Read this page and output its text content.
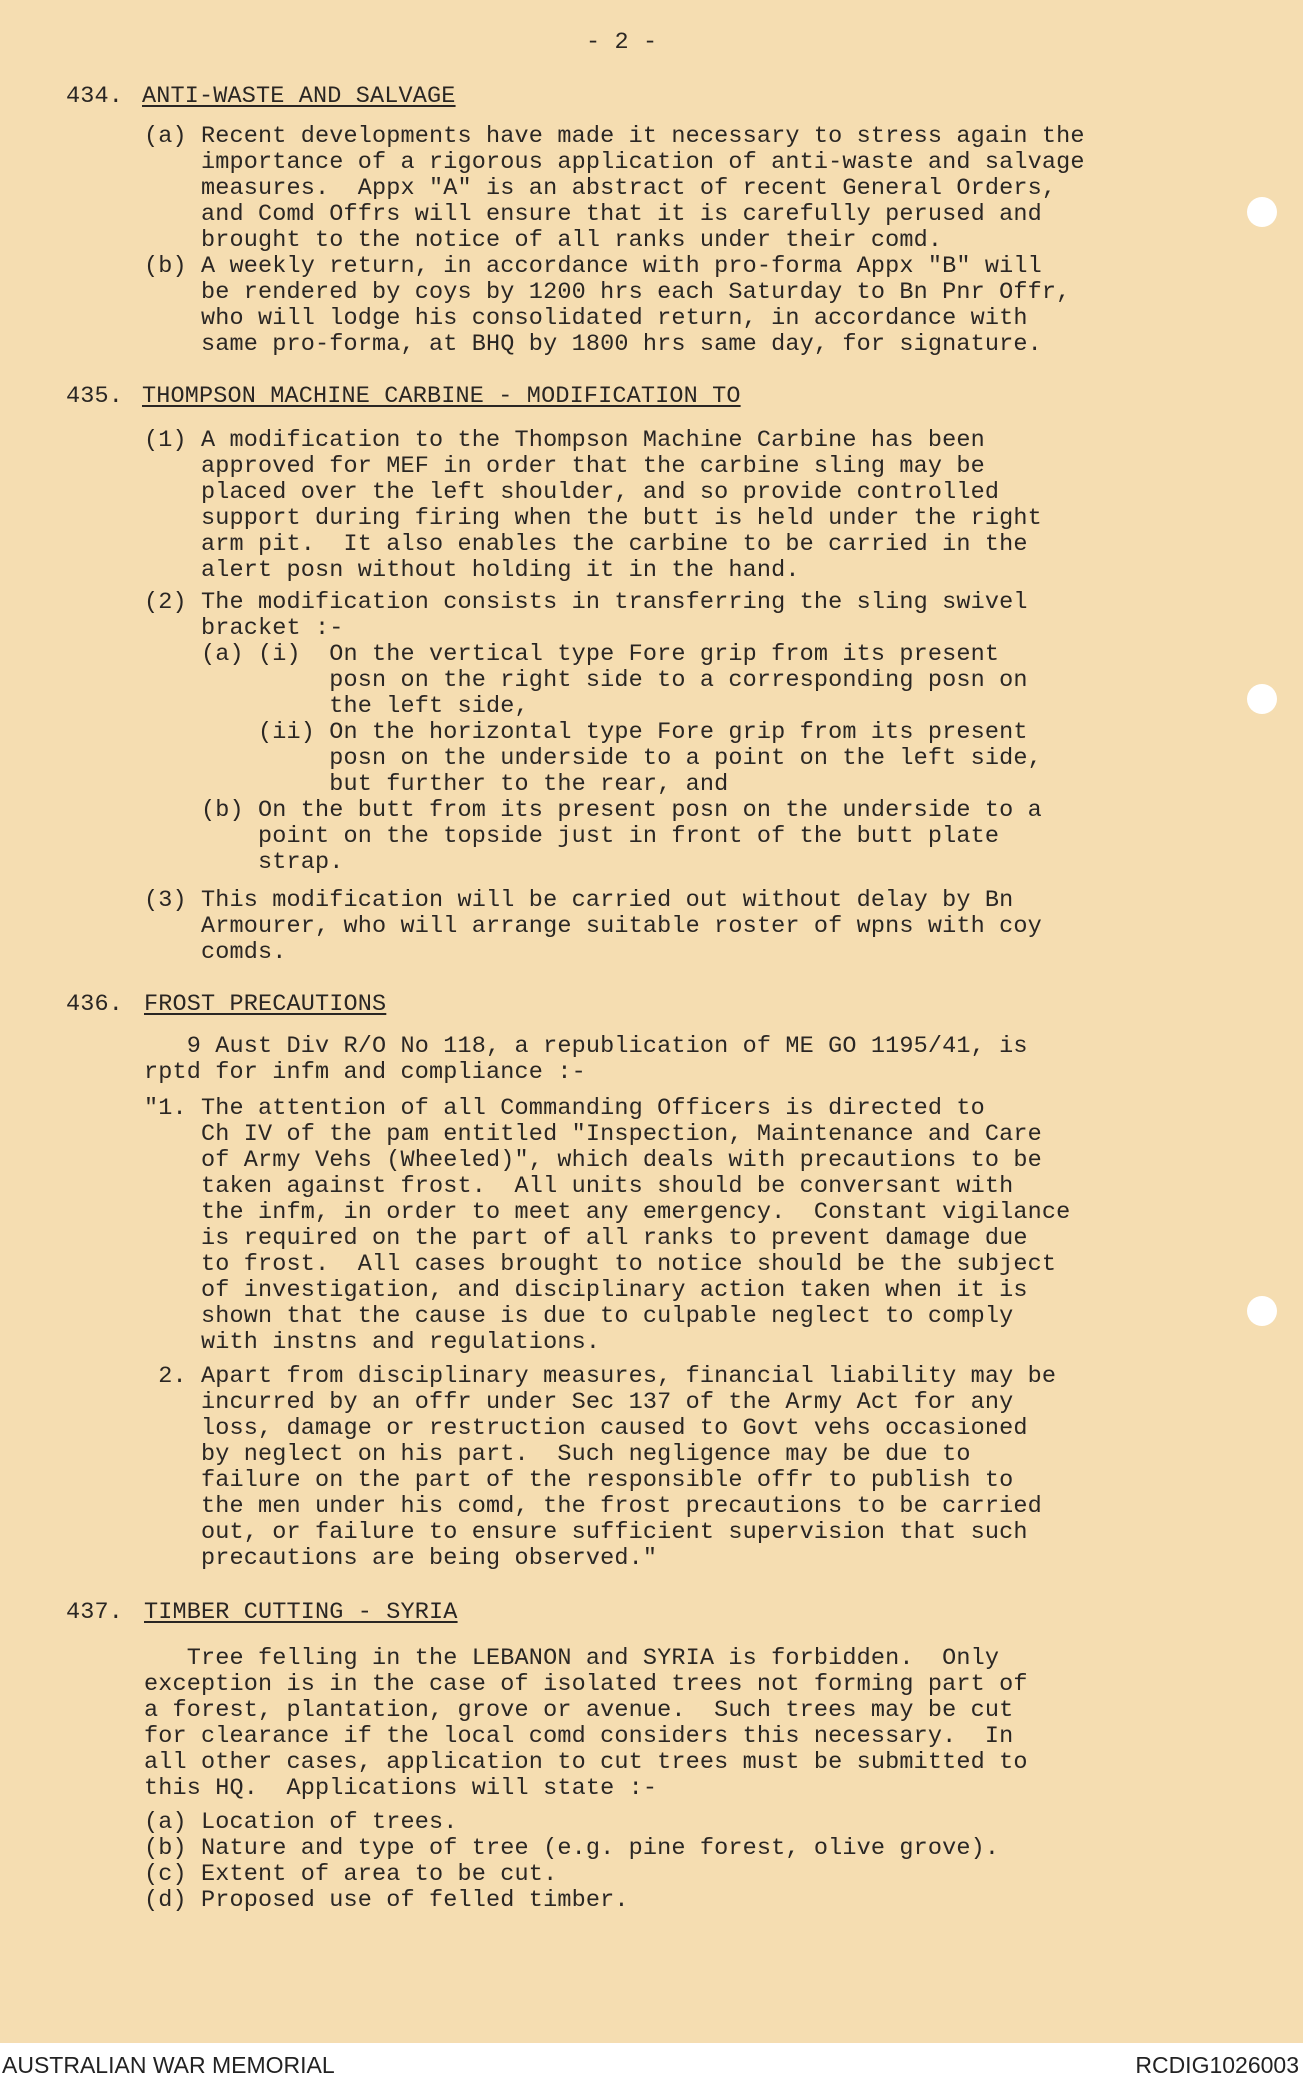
- 2 -
434. ANTI-WASTE AND SALVAGE
(a) Recent developments have made it necessary to stress again the
importance of a rigorous application of anti-waste and salvage
measures.  Appx "A" is an abstract of recent General Orders,
and Comd Offrs will ensure that it is carefully perused and
brought to the notice of all ranks under their comd.
(b) A weekly return, in accordance with pro-forma Appx "B" will
be rendered by coys by 1200 hrs each Saturday to Bn Pnr Offr,
who will lodge his consolidated return, in accordance with
same pro-forma, at BHQ by 1800 hrs same day, for signature.
435. THOMPSON MACHINE CARBINE - MODIFICATION TO
(1) A modification to the Thompson Machine Carbine has been
approved for MEF in order that the carbine sling may be
placed over the left shoulder, and so provide controlled
support during firing when the butt is held under the right
arm pit.  It also enables the carbine to be carried in the
alert posn without holding it in the hand.
(2) The modification consists in transferring the sling swivel
bracket :-
(a) (i)  On the vertical type Fore grip from its present
posn on the right side to a corresponding posn on
the left side,
(ii) On the horizontal type Fore grip from its present
posn on the underside to a point on the left side,
but further to the rear, and
(b) On the butt from its present posn on the underside to a
point on the topside just in front of the butt plate
strap.
(3) This modification will be carried out without delay by Bn
Armourer, who will arrange suitable roster of wpns with coy
comds.
436. FROST PRECAUTIONS
9 Aust Div R/O No 118, a republication of ME GO 1195/41, is
rptd for infm and compliance :-
"1. The attention of all Commanding Officers is directed to
Ch IV of the pam entitled "Inspection, Maintenance and Care
of Army Vehs (Wheeled)", which deals with precautions to be
taken against frost.  All units should be conversant with
the infm, in order to meet any emergency.  Constant vigilance
is required on the part of all ranks to prevent damage due
to frost.  All cases brought to notice should be the subject
of investigation, and disciplinary action taken when it is
shown that the cause is due to culpable neglect to comply
with instns and regulations.
2. Apart from disciplinary measures, financial liability may be
incurred by an offr under Sec 137 of the Army Act for any
loss, damage or restruction caused to Govt vehs occasioned
by neglect on his part.  Such negligence may be due to
failure on the part of the responsible offr to publish to
the men under his comd, the frost precautions to be carried
out, or failure to ensure sufficient supervision that such
precautions are being observed."
437. TIMBER CUTTING - SYRIA
Tree felling in the LEBANON and SYRIA is forbidden.  Only
exception is in the case of isolated trees not forming part of
a forest, plantation, grove or avenue.  Such trees may be cut
for clearance if the local comd considers this necessary.  In
all other cases, application to cut trees must be submitted to
this HQ.  Applications will state :-
(a) Location of trees.
(b) Nature and type of tree (e.g. pine forest, olive grove).
(c) Extent of area to be cut.
(d) Proposed use of felled timber.
AUSTRALIAN WAR MEMORIAL	RCDIG1026003
